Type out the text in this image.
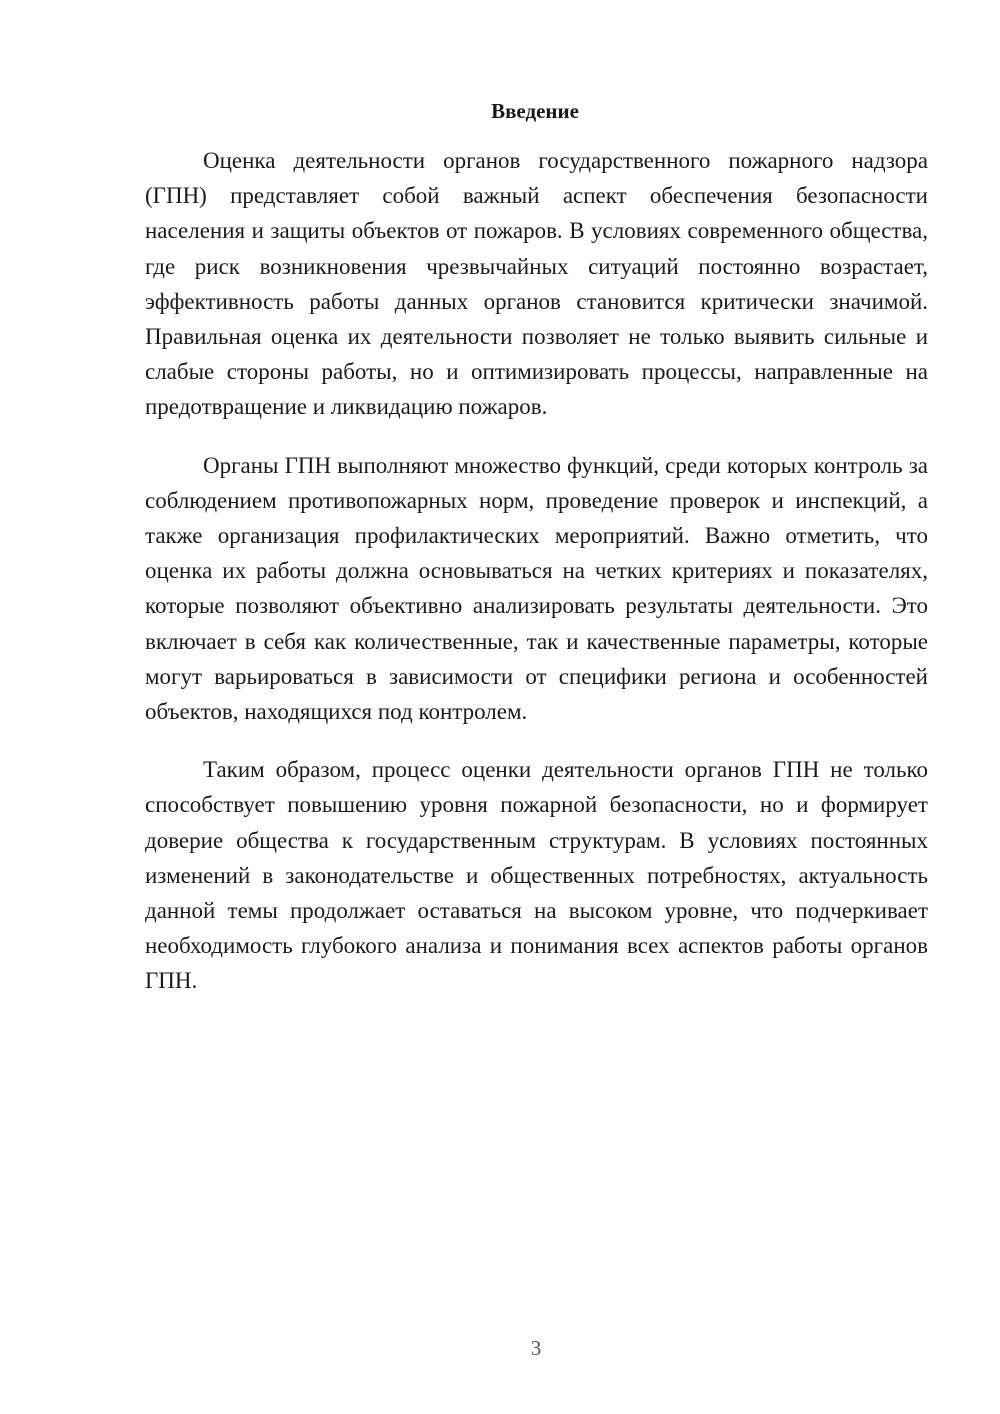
Введение

Оценка деятельности органов государственного пожарного надзора (ГПН) представляет собой важный аспект обеспечения безопасности населения и защиты объектов от пожаров. В условиях современного общества, где риск возникновения чрезвычайных ситуаций постоянно возрастает, эффективность работы данных органов становится критически значимой. Правильная оценка их деятельности позволяет не только выявить сильные и слабые стороны работы, но и оптимизировать процессы, направленные на предотвращение и ликвидацию пожаров.

Органы ГПН выполняют множество функций, среди которых контроль за соблюдением противопожарных норм, проведение проверок и инспекций, а также организация профилактических мероприятий. Важно отметить, что оценка их работы должна основываться на четких критериях и показателях, которые позволяют объективно анализировать результаты деятельности. Это включает в себя как количественные, так и качественные параметры, которые могут варьироваться в зависимости от специфики региона и особенностей объектов, находящихся под контролем.

Таким образом, процесс оценки деятельности органов ГПН не только способствует повышению уровня пожарной безопасности, но и формирует доверие общества к государственным структурам. В условиях постоянных изменений в законодательстве и общественных потребностях, актуальность данной темы продолжает оставаться на высоком уровне, что подчеркивает необходимость глубокого анализа и понимания всех аспектов работы органов ГПН.

3
